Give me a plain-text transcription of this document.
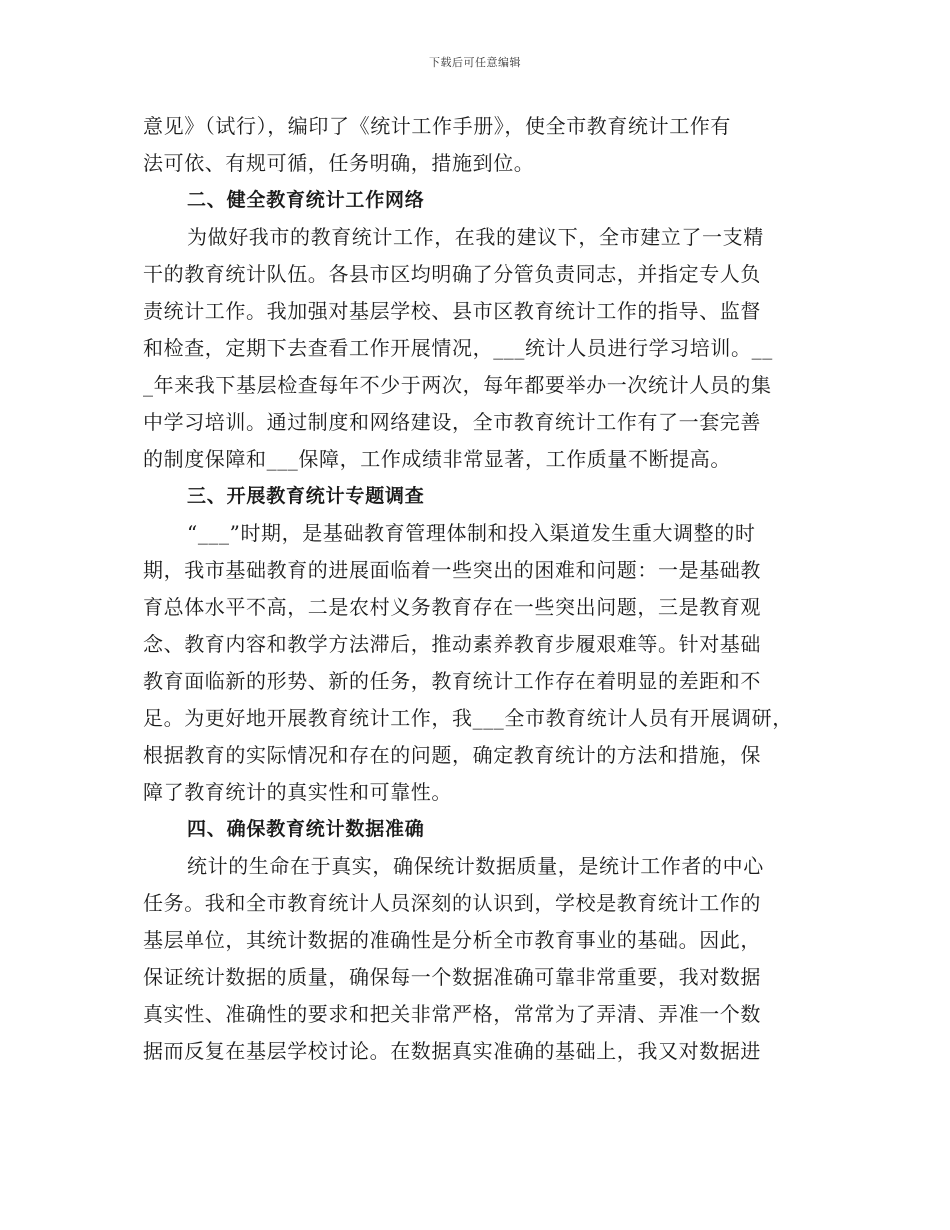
下载后可任意编辑
意见》（试行），编印了《统计工作手册》，使全市教育统计工作有
法可依、有规可循，任务明确，措施到位。
二、健全教育统计工作网络
为做好我市的教育统计工作，在我的建议下，全市建立了一支精
干的教育统计队伍。各县市区均明确了分管负责同志，并指定专人负
责统计工作。我加强对基层学校、县市区教育统计工作的指导、监督
和检查，定期下去查看工作开展情况，___统计人员进行学习培训。__
_年来我下基层检查每年不少于两次，每年都要举办一次统计人员的集
中学习培训。通过制度和网络建设，全市教育统计工作有了一套完善
的制度保障和___保障，工作成绩非常显著，工作质量不断提高。
三、开展教育统计专题调查
“___”时期，是基础教育管理体制和投入渠道发生重大调整的时
期，我市基础教育的进展面临着一些突出的困难和问题：一是基础教
育总体水平不高，二是农村义务教育存在一些突出问题，三是教育观
念、教育内容和教学方法滞后，推动素养教育步履艰难等。针对基础
教育面临新的形势、新的任务，教育统计工作存在着明显的差距和不
足。为更好地开展教育统计工作，我___全市教育统计人员有开展调研，
根据教育的实际情况和存在的问题，确定教育统计的方法和措施，保
障了教育统计的真实性和可靠性。
四、确保教育统计数据准确
统计的生命在于真实，确保统计数据质量，是统计工作者的中心
任务。我和全市教育统计人员深刻的认识到，学校是教育统计工作的
基层单位，其统计数据的准确性是分析全市教育事业的基础。因此，
保证统计数据的质量，确保每一个数据准确可靠非常重要，我对数据
真实性、准确性的要求和把关非常严格，常常为了弄清、弄准一个数
据而反复在基层学校讨论。在数据真实准确的基础上，我又对数据进
